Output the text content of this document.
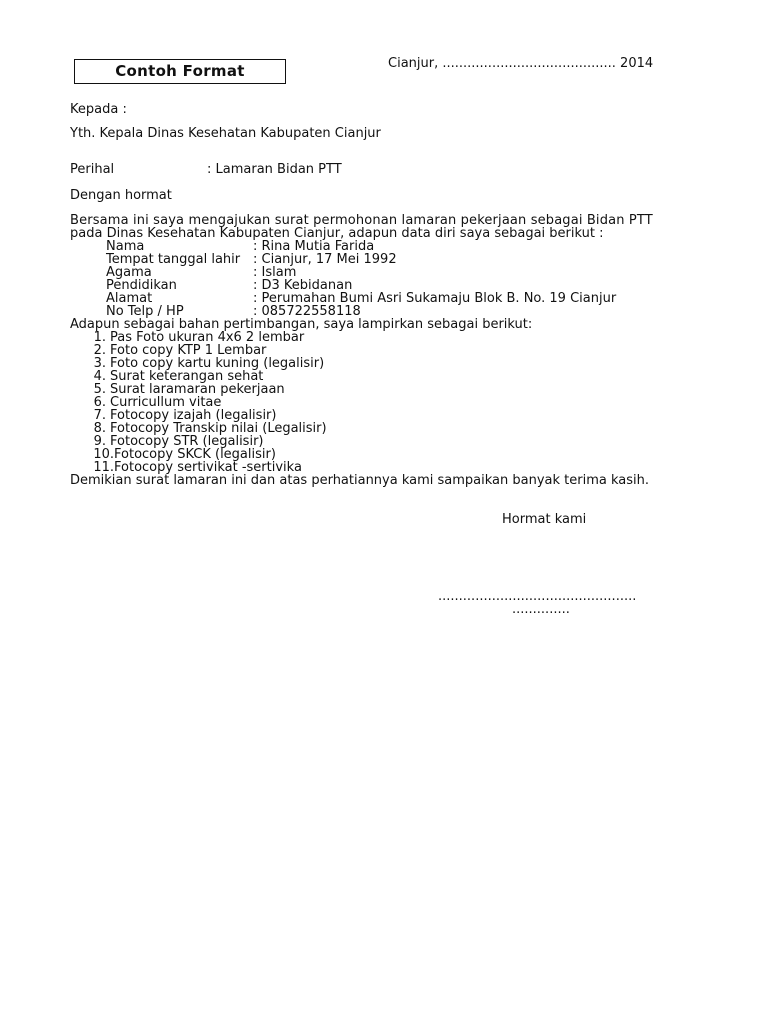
Contoh Format	Cianjur, .......................................... 2014
Kepada :
Yth. Kepala Dinas Kesehatan Kabupaten Cianjur
Perihal	: Lamaran Bidan PTT
Dengan hormat
Bersama ini saya mengajukan surat permohonan lamaran pekerjaan sebagai Bidan PTT
pada Dinas Kesehatan Kabupaten Cianjur, adapun data diri saya sebagai berikut :
Nama	: Rina Mutia Farida
Tempat tanggal lahir : Cianjur, 17 Mei 1992
Agama	: Islam
Pendidikan	: D3 Kebidanan
Alamat	: Perumahan Bumi Asri Sukamaju Blok B. No. 19 Cianjur
No Telp / HP	: 085722558118
Adapun sebagai bahan pertimbangan, saya lampirkan sebagai berikut:
1. Pas Foto ukuran 4x6 2 lembar
2. Foto copy KTP 1 Lembar
3. Foto copy kartu kuning (legalisir)
4. Surat keterangan sehat
5. Surat laramaran pekerjaan
6. Curricullum vitae
7. Fotocopy izajah (legalisir)
8. Fotocopy Transkip nilai (Legalisir)
9. Fotocopy STR (legalisir)
10.Fotocopy SKCK (legalisir)
11.Fotocopy sertivikat -sertivika
Demikian surat lamaran ini dan atas perhatiannya kami sampaikan banyak terima kasih.
Hormat kami
................................................
..............
